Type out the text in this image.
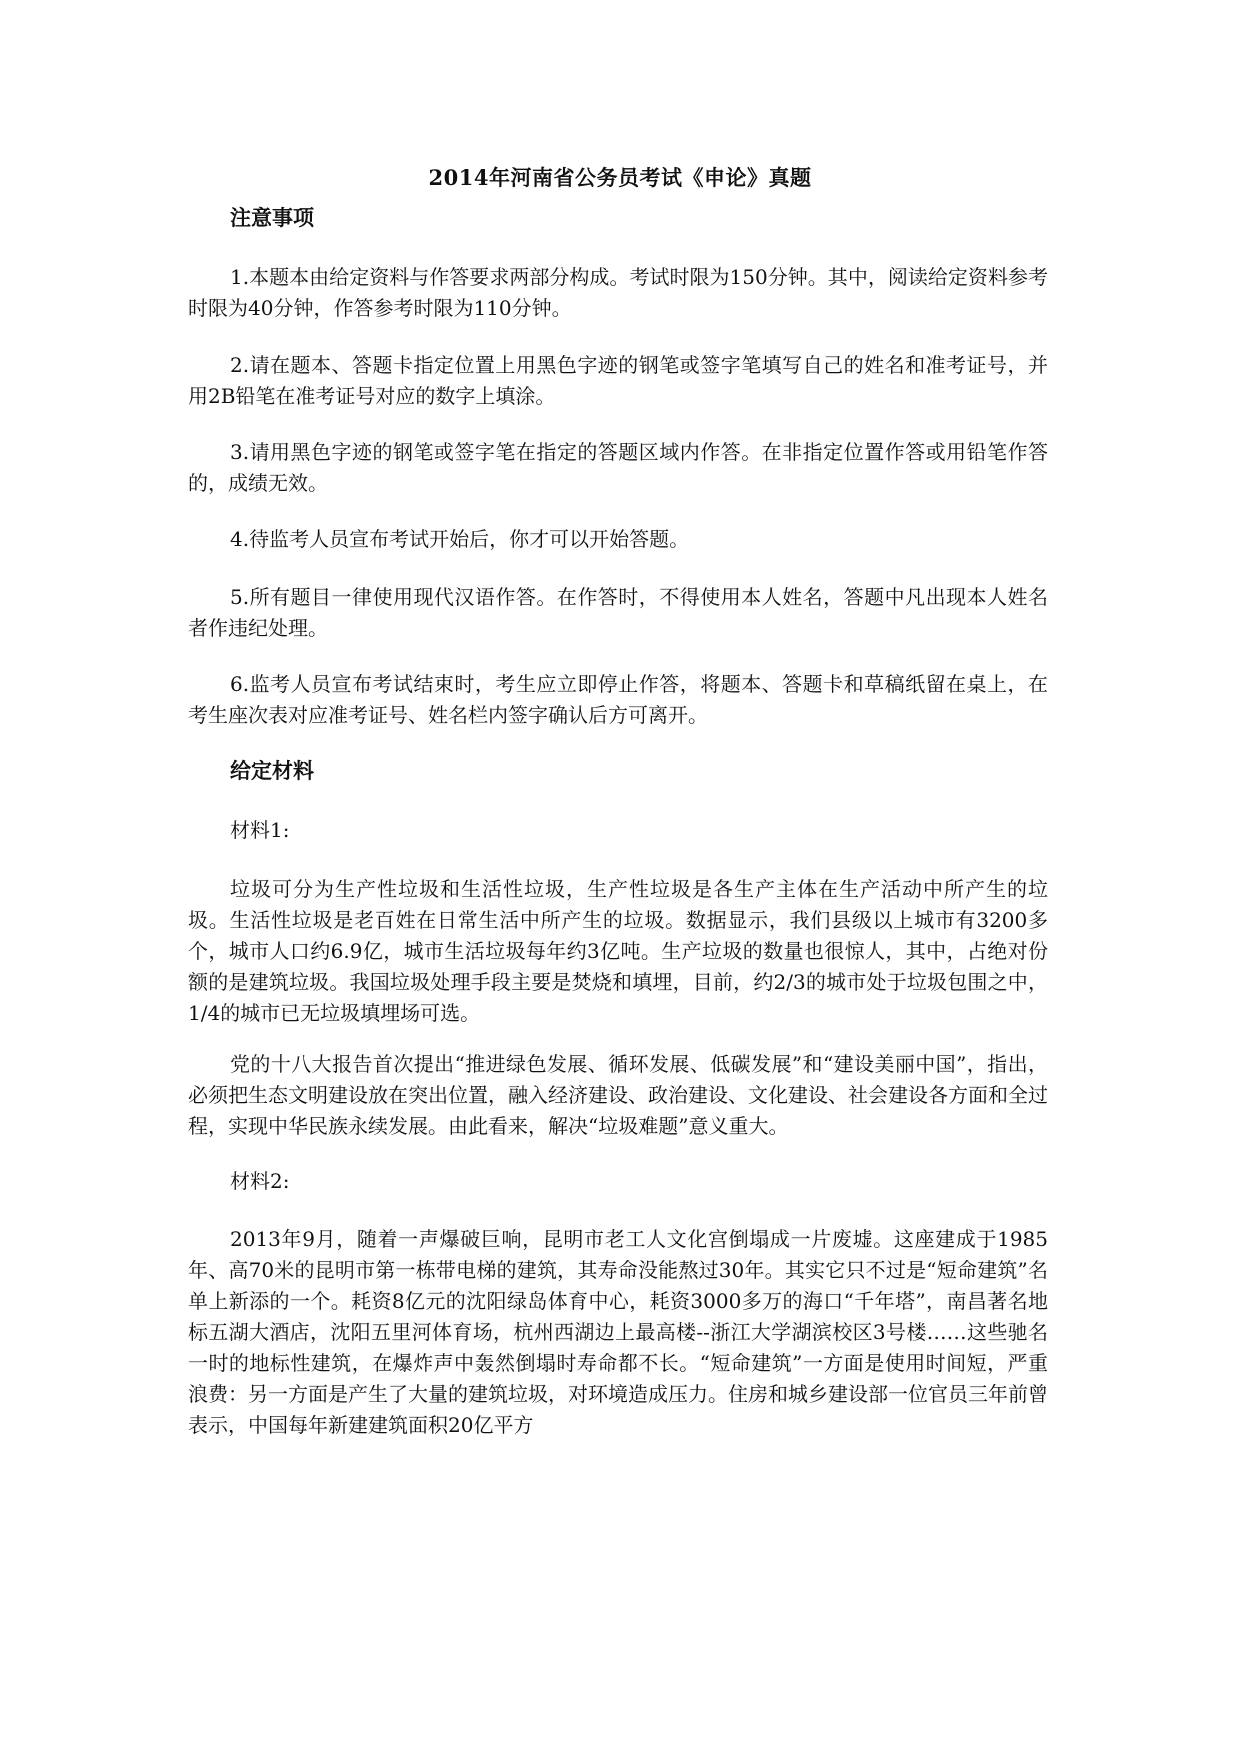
2014年河南省公务员考试《申论》真题
注意事项
1.本题本由给定资料与作答要求两部分构成。考试时限为150分钟。其中，阅读给定资料参考时限为40分钟，作答参考时限为110分钟。
2.请在题本、答题卡指定位置上用黑色字迹的钢笔或签字笔填写自己的姓名和准考证号，并用2B铅笔在准考证号对应的数字上填涂。
3.请用黑色字迹的钢笔或签字笔在指定的答题区域内作答。在非指定位置作答或用铅笔作答的，成绩无效。
4.待监考人员宣布考试开始后，你才可以开始答题。
5.所有题目一律使用现代汉语作答。在作答时，不得使用本人姓名，答题中凡出现本人姓名者作违纪处理。
6.监考人员宣布考试结束时，考生应立即停止作答，将题本、答题卡和草稿纸留在桌上，在考生座次表对应准考证号、姓名栏内签字确认后方可离开。
给定材料
材料1:
垃圾可分为生产性垃圾和生活性垃圾，生产性垃圾是各生产主体在生产活动中所产生的垃圾。生活性垃圾是老百姓在日常生活中所产生的垃圾。数据显示，我们县级以上城市有3200多个，城市人口约6.9亿，城市生活垃圾每年约3亿吨。生产垃圾的数量也很惊人，其中，占绝对份额的是建筑垃圾。我国垃圾处理手段主要是焚烧和填埋，目前，约2/3的城市处于垃圾包围之中，1/4的城市已无垃圾填埋场可选。
党的十八大报告首次提出“推进绿色发展、循环发展、低碳发展”和“建设美丽中国”，指出，必须把生态文明建设放在突出位置，融入经济建设、政治建设、文化建设、社会建设各方面和全过程，实现中华民族永续发展。由此看来，解决“垃圾难题”意义重大。
材料2:
2013年9月，随着一声爆破巨响，昆明市老工人文化宫倒塌成一片废墟。这座建成于1985年、高70米的昆明市第一栋带电梯的建筑，其寿命没能熬过30年。其实它只不过是“短命建筑”名单上新添的一个。耗资8亿元的沈阳绿岛体育中心，耗资3000多万的海口“千年塔”，南昌著名地标五湖大酒店，沈阳五里河体育场，杭州西湖边上最高楼--浙江大学湖滨校区3号楼……这些驰名一时的地标性建筑，在爆炸声中轰然倒塌时寿命都不长。“短命建筑”一方面是使用时间短，严重浪费：另一方面是产生了大量的建筑垃圾，对环境造成压力。住房和城乡建设部一位官员三年前曾表示，中国每年新建建筑面积20亿平方
